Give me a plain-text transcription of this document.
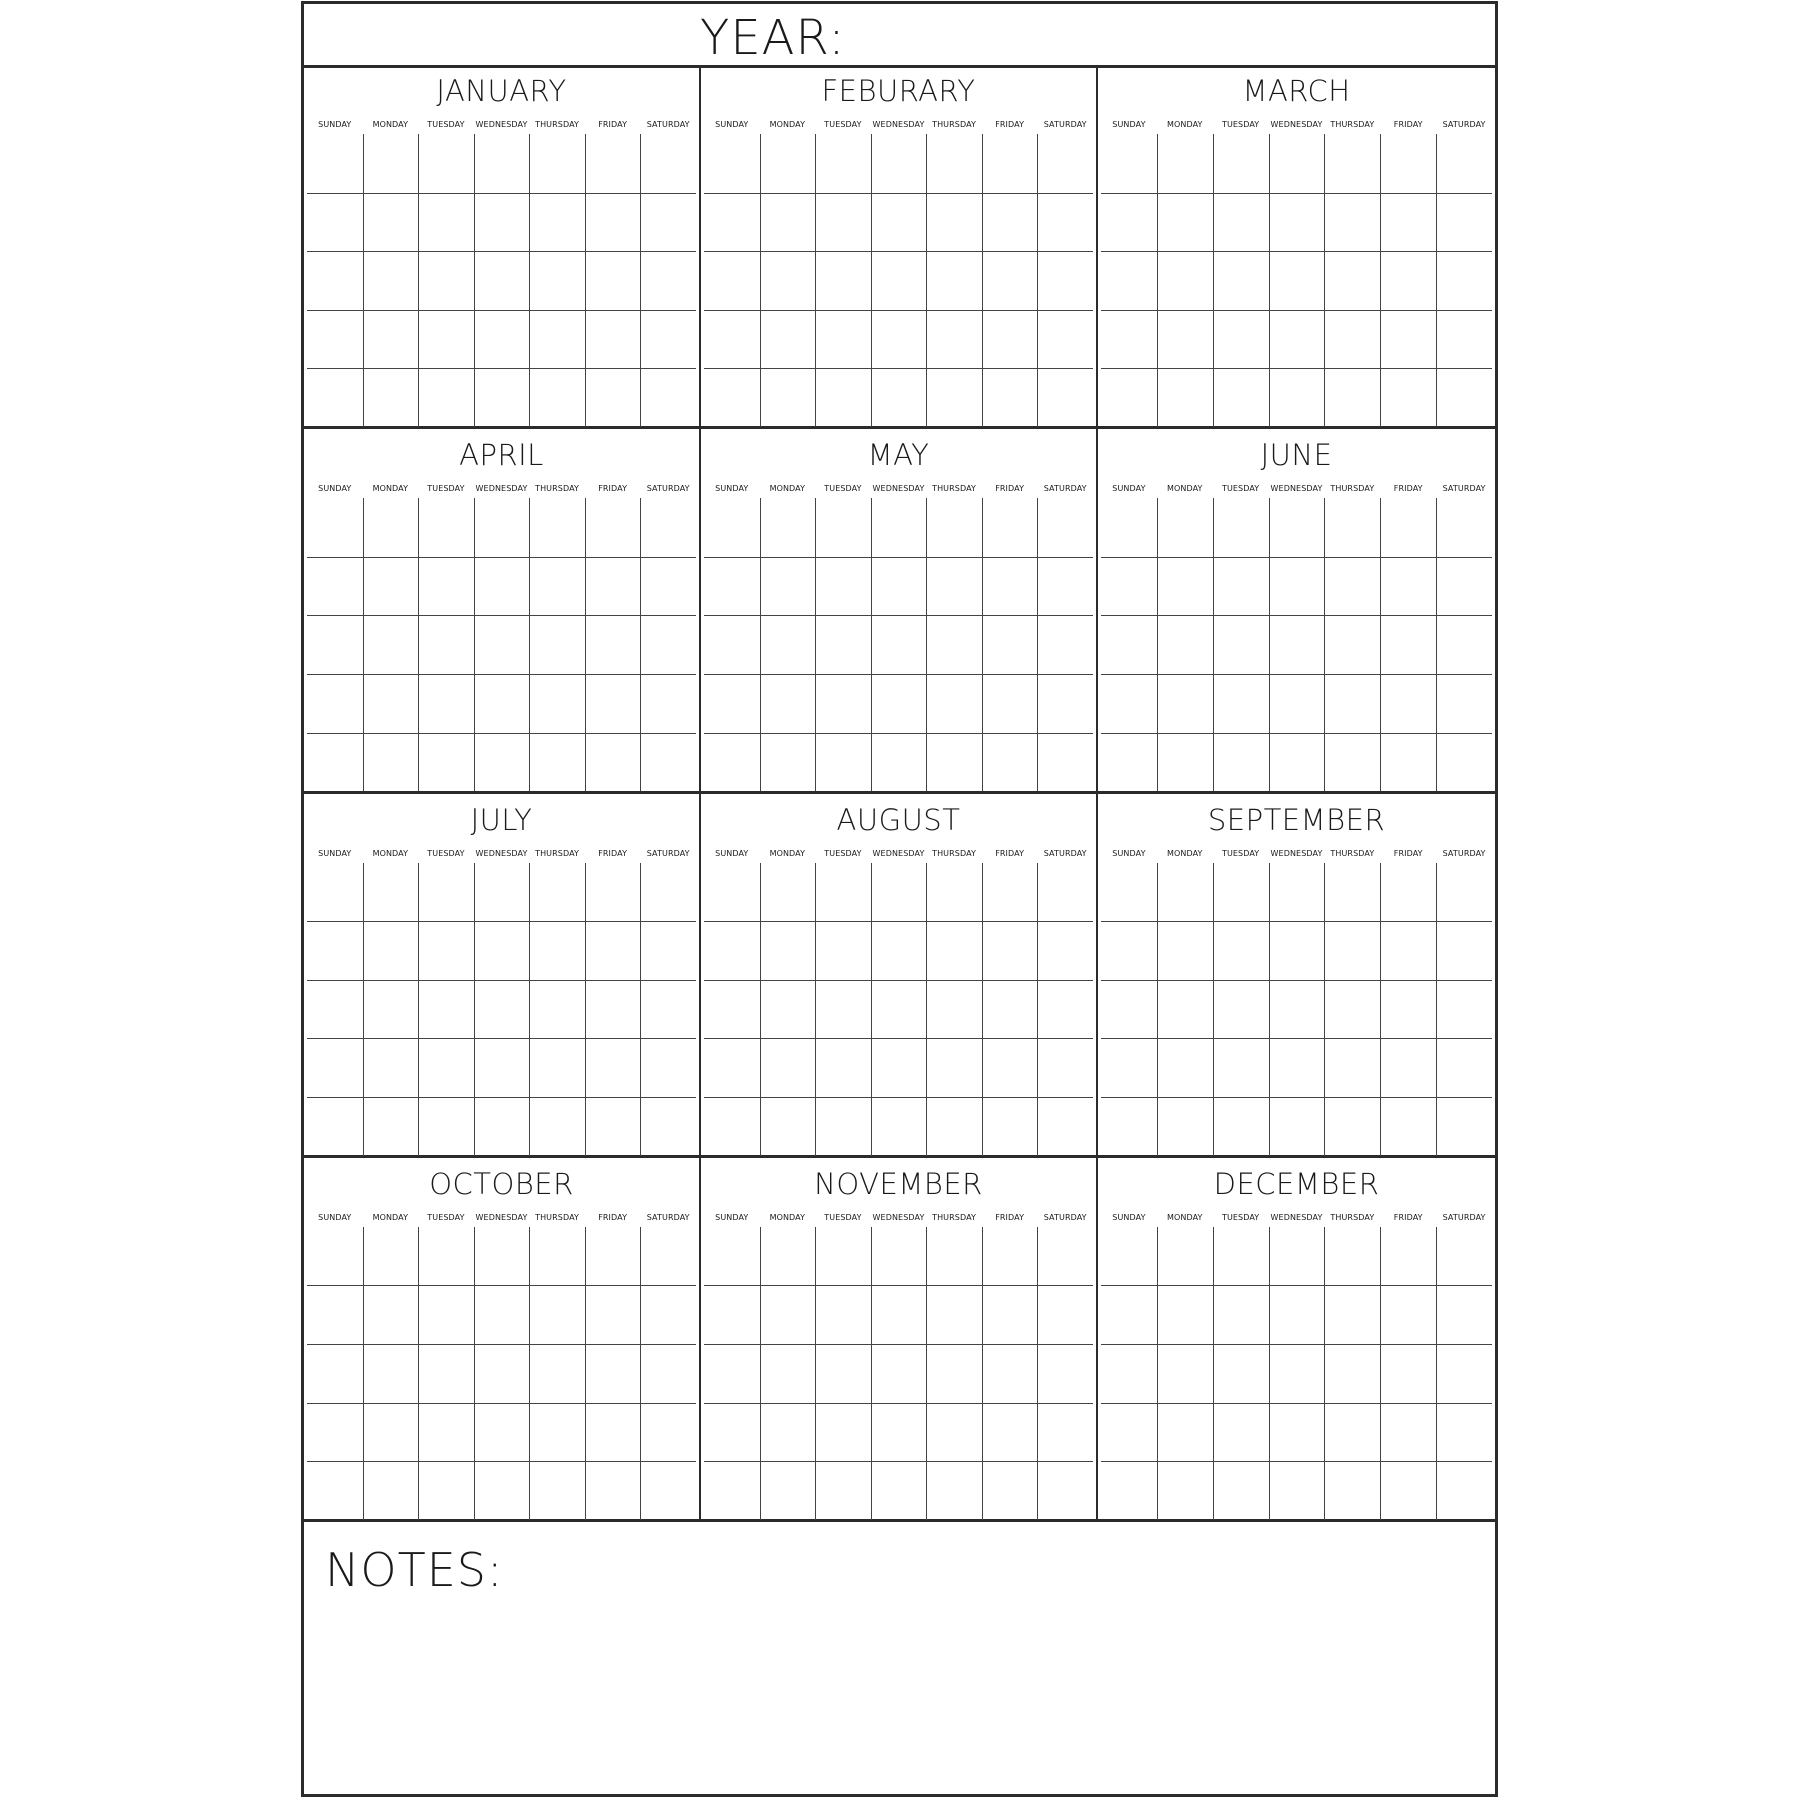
YEAR:
JANUARY
SUNDAY	MONDAY	TUESDAY	WEDNESDAY THURSDAY	FRIDAY	SATURDAY
FEBURARY
SUNDAY	MONDAY	TUESDAY	WEDNESDAY THURSDAY	FRIDAY	SATURDAY
MARCH
SUNDAY	MONDAY	TUESDAY	WEDNESDAY THURSDAY	FRIDAY	SATURDAY
APRIL
SUNDAY	MONDAY	TUESDAY	WEDNESDAY THURSDAY	FRIDAY	SATURDAY
MAY
SUNDAY	MONDAY	TUESDAY	WEDNESDAY THURSDAY	FRIDAY	SATURDAY
JUNE
SUNDAY	MONDAY	TUESDAY	WEDNESDAY THURSDAY	FRIDAY	SATURDAY
JULY
SUNDAY	MONDAY	TUESDAY	WEDNESDAY THURSDAY	FRIDAY	SATURDAY
AUGUST
SUNDAY	MONDAY	TUESDAY	WEDNESDAY THURSDAY	FRIDAY	SATURDAY
SEPTEMBER
SUNDAY	MONDAY	TUESDAY	WEDNESDAY THURSDAY	FRIDAY	SATURDAY
OCTOBER
SUNDAY	MONDAY	TUESDAY	WEDNESDAY THURSDAY	FRIDAY	SATURDAY
NOVEMBER
SUNDAY	MONDAY	TUESDAY	WEDNESDAY THURSDAY	FRIDAY	SATURDAY
DECEMBER
SUNDAY	MONDAY	TUESDAY	WEDNESDAY THURSDAY	FRIDAY	SATURDAY
NOTES:
